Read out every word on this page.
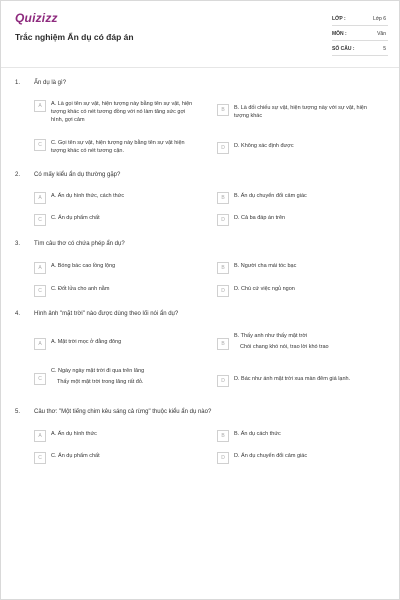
Quizizz
Trắc nghiệm Ẩn dụ có đáp án
LỚP :	Lớp 6
MÔN :	Văn
SỐ CÂU :	5
1. Ẩn dụ là gì?
A	A. Là gọi tên sự vật, hiện tượng này bằng tên sự vật, hiện tượng khác có nét tương đồng với nó làm tăng sức gợi hình, gợi cảm
B	B. Là đối chiếu sự vật, hiện tượng này với sự vật, hiện tượng khác
C	C. Gọi tên sự vật, hiện tượng này bằng tên sự vật hiện tượng khác có nét tương cận.	D	D. Không xác định được
2. Có mấy kiểu ẩn dụ thường gặp?
A	A. Ẩn dụ hình thức, cách thức	B	B. Ẩn dụ chuyển đổi cảm giác
C	C. Ẩn dụ phẩm chất	D	D. Cả ba đáp án trên
3. Tìm câu thơ có chứa phép ẩn dụ?
A	A. Bóng bác cao lồng lộng	B	B. Người cha mái tóc bạc
C	C. Đốt lửa cho anh nằm	D	D. Chú cứ việc ngủ ngon
4. Hình ảnh "mặt trời" nào được dùng theo lối nói ẩn dụ?
A	A. Mặt trời mọc ở đằng đông	B
B. Thấy anh như thấy mặt trời
Chói chang khó nói, trao lời khó trao
C
C. Ngày ngày mặt trời đi qua trên lăng
Thấy một mặt trời trong lăng rất đỏ.	D	D. Bác như ánh mặt trời xua màn đêm giá lạnh.
5. Câu thơ: "Một tiếng chim kêu sáng cả rừng" thuộc kiểu ẩn dụ nào?
A	A. Ẩn dụ hình thức	B	B. Ẩn dụ cách thức
C	C. Ẩn dụ phẩm chất	D	D. Ẩn dụ chuyển đổi cảm giác
